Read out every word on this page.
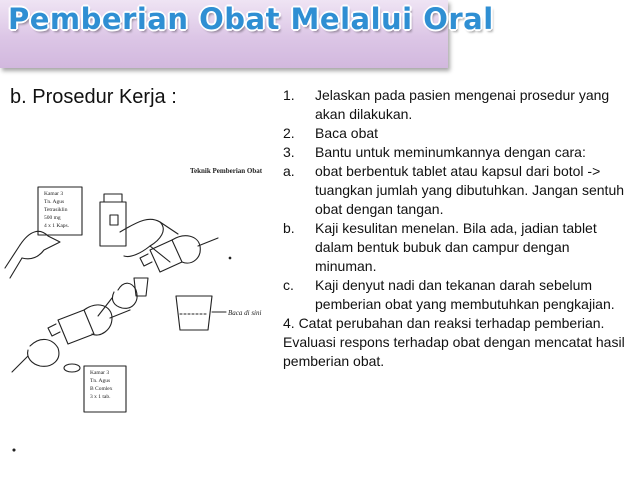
Pemberian Obat Melalui Oral
b. Prosedur Kerja :	1.	Jelaskan pada pasien mengenai prosedur yang akan dilakukan.
2.	Baca obat
3.	Bantu untuk meminumkannya dengan cara:
a.	obat berbentuk tablet atau kapsul dari botol -> tuangkan jumlah yang dibutuhkan. Jangan sentuh obat dengan tangan.
b.	Kaji kesulitan menelan. Bila ada, jadian tablet dalam bentuk bubuk dan campur dengan minuman.
c.	Kaji denyut nadi dan tekanan darah sebelum pemberian obat yang membutuhkan pengkajian.
4. Catat perubahan dan reaksi terhadap pemberian. Evaluasi respons terhadap obat dengan mencatat hasil pemberian obat.
Teknik Pemberian Obat
Kamar 3
Tn. Agus
Tetrasiklin
500 mg
4 x 1 Kaps.
Baca di sini
Kamar 3
Tn. Agus
B Comlex
3 x 1 tab.
